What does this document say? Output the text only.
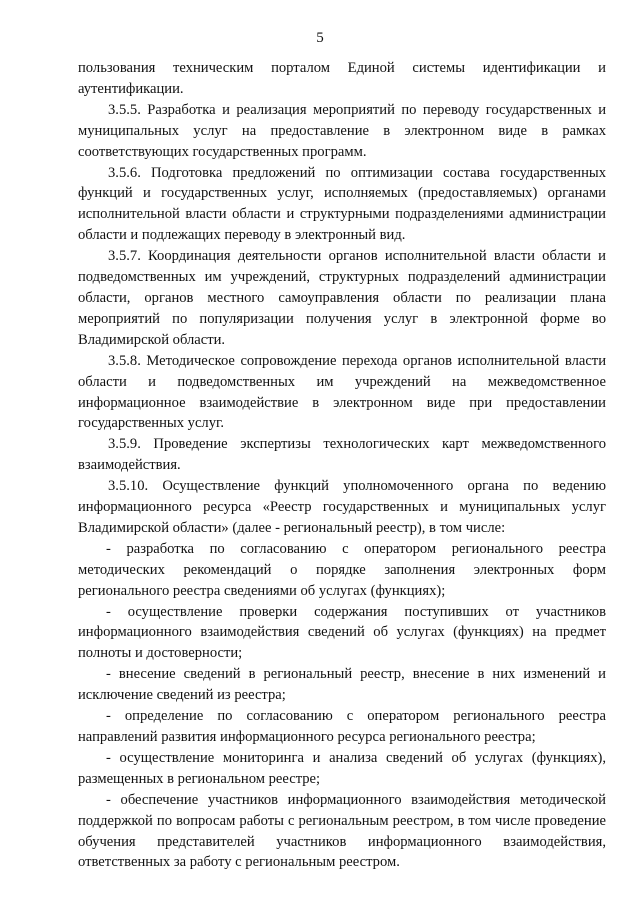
5

пользования техническим порталом Единой системы идентификации и аутентификации.

3.5.5. Разработка и реализация мероприятий по переводу государственных и муниципальных услуг на предоставление в электронном виде в рамках соответствующих государственных программ.

3.5.6. Подготовка предложений по оптимизации состава государственных функций и государственных услуг, исполняемых (предоставляемых) органами исполнительной власти области и структурными подразделениями администрации области и подлежащих переводу в электронный вид.

3.5.7. Координация деятельности органов исполнительной власти области и подведомственных им учреждений, структурных подразделений администрации области, органов местного самоуправления области по реализации плана мероприятий по популяризации получения услуг в электронной форме во Владимирской области.

3.5.8. Методическое сопровождение перехода органов исполнительной власти области и подведомственных им учреждений на межведомственное информационное взаимодействие в электронном виде при предоставлении государственных услуг.

3.5.9. Проведение экспертизы технологических карт межведомственного взаимодействия.

3.5.10. Осуществление функций уполномоченного органа по ведению информационного ресурса «Реестр государственных и муниципальных услуг Владимирской области» (далее - региональный реестр), в том числе:

- разработка по согласованию с оператором регионального реестра методических рекомендаций о порядке заполнения электронных форм регионального реестра сведениями об услугах (функциях);

- осуществление проверки содержания поступивших от участников информационного взаимодействия сведений об услугах (функциях) на предмет полноты и достоверности;

- внесение сведений в региональный реестр, внесение в них изменений и исключение сведений из реестра;

- определение по согласованию с оператором регионального реестра направлений развития информационного ресурса регионального реестра;

- осуществление мониторинга и анализа сведений об услугах (функциях), размещенных в региональном реестре;

- обеспечение участников информационного взаимодействия методической поддержкой по вопросам работы с региональным реестром, в том числе проведение обучения представителей участников информационного взаимодействия, ответственных за работу с региональным реестром.
